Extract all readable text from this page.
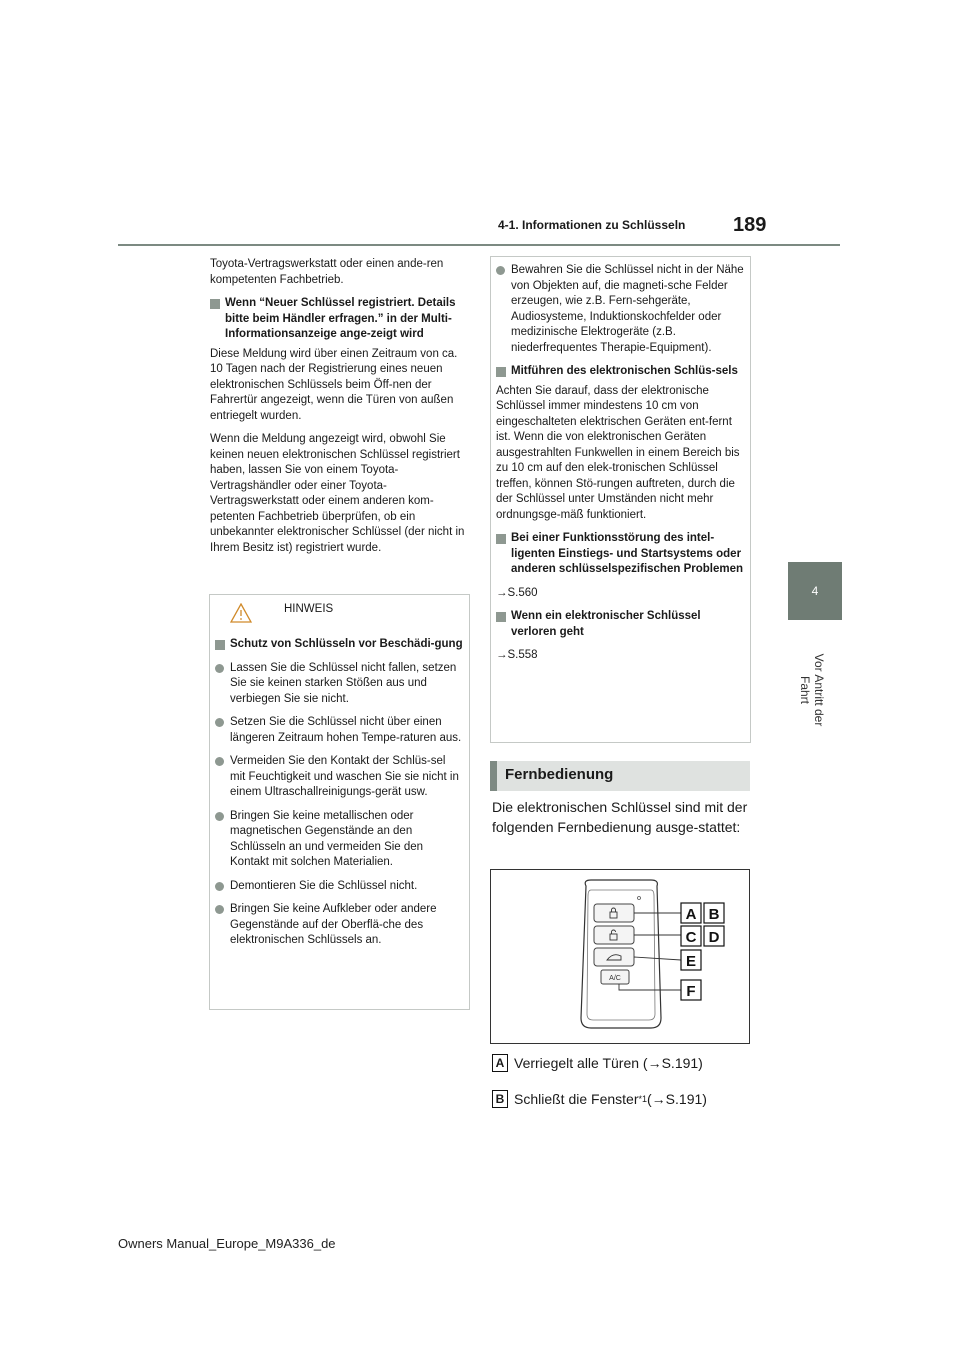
189
4-1. Informationen zu Schlüsseln
4
Vor Antritt der Fahrt

Toyota-Vertragswerkstatt oder einen ande-ren kompetenten Fachbetrieb.

Wenn “Neuer Schlüssel registriert. Details bitte beim Händler erfragen.” in der Multi-Informationsanzeige ange-zeigt wird

Diese Meldung wird über einen Zeitraum von ca. 10 Tagen nach der Registrierung eines neuen elektronischen Schlüssels beim Öff-nen der Fahrertür angezeigt, wenn die Türen von außen entriegelt wurden.

Wenn die Meldung angezeigt wird, obwohl Sie keinen neuen elektronischen Schlüssel registriert haben, lassen Sie von einem Toyota-Vertragshändler oder einer Toyota-Vertragswerkstatt oder einem anderen kom-petenten Fachbetrieb überprüfen, ob ein unbekannter elektronischer Schlüssel (der nicht in Ihrem Besitz ist) registriert wurde.

HINWEIS

Schutz von Schlüsseln vor Beschädi-gung

Lassen Sie die Schlüssel nicht fallen, setzen Sie sie keinen starken Stößen aus und verbiegen Sie sie nicht.

Setzen Sie die Schlüssel nicht über einen längeren Zeitraum hohen Tempe-raturen aus.

Vermeiden Sie den Kontakt der Schlüs-sel mit Feuchtigkeit und waschen Sie sie nicht in einem Ultraschallreinigungs-gerät usw.

Bringen Sie keine metallischen oder magnetischen Gegenstände an den Schlüsseln an und vermeiden Sie den Kontakt mit solchen Materialien.

Demontieren Sie die Schlüssel nicht.

Bringen Sie keine Aufkleber oder andere Gegenstände auf der Oberflä-che des elektronischen Schlüssels an.

Bewahren Sie die Schlüssel nicht in der Nähe von Objekten auf, die magneti-sche Felder erzeugen, wie z.B. Fern-sehgeräte, Audiosysteme, Induktionskochfelder oder medizinische Elektrogeräte (z.B. niederfrequentes Therapie-Equipment).

Mitführen des elektronischen Schlüs-sels

Achten Sie darauf, dass der elektronische Schlüssel immer mindestens 10 cm von eingeschalteten elektrischen Geräten ent-fernt ist. Wenn die von elektronischen Geräten ausgestrahlten Funkwellen in einem Bereich bis zu 10 cm auf den elek-tronischen Schlüssel treffen, können Stö-rungen auftreten, durch die der Schlüssel unter Umständen nicht mehr ordnungsge-mäß funktioniert.

Bei einer Funktionsstörung des intel-ligenten Einstiegs- und Startsystems oder anderen schlüsselspezifischen Problemen

→S.560

Wenn ein elektronischer Schlüssel verloren geht

→S.558

Fernbedienung
Die elektronischen Schlüssel sind mit der folgenden Fernbedienung ausge-stattet:
A/C
A B
C D
E
F
A Verriegelt alle Türen (→S.191)
B Schließt die Fenster *1 (→S.191)
Owners Manual_Europe_M9A336_de
